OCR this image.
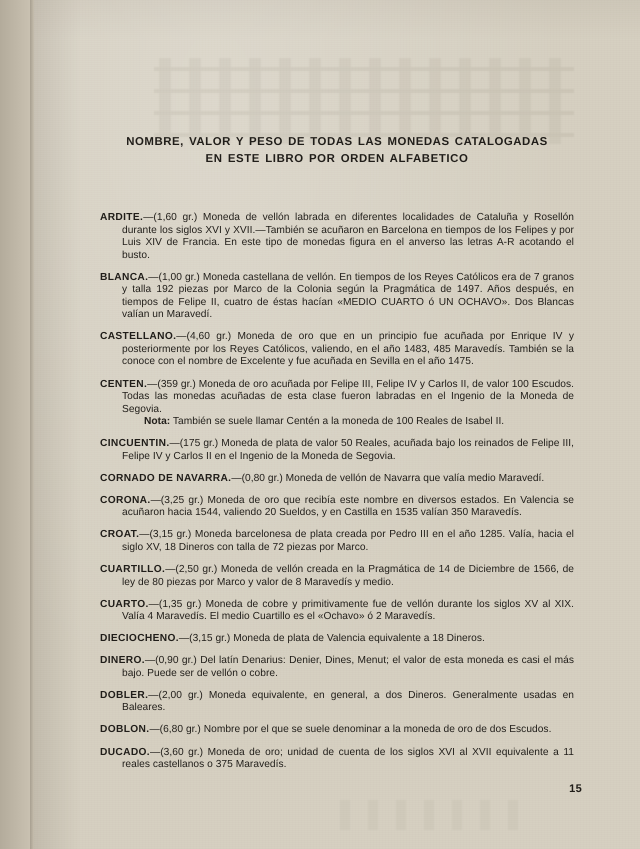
NOMBRE, VALOR Y PESO DE TODAS LAS MONEDAS CATALOGADAS
EN ESTE LIBRO POR ORDEN ALFABETICO

ARDITE.—(1,60 gr.) Moneda de vellón labrada en diferentes localidades de Cataluña y Rosellón durante los siglos XVI y XVII.—También se acuñaron en Barcelona en tiempos de los Felipes y por Luis XIV de Francia. En este tipo de monedas figura en el anverso las letras A-R acotando el busto.

BLANCA.—(1,00 gr.) Moneda castellana de vellón. En tiempos de los Reyes Católicos era de 7 granos y talla 192 piezas por Marco de la Colonia según la Pragmática de 1497. Años después, en tiempos de Felipe II, cuatro de éstas hacían «MEDIO CUARTO ó UN OCHAVO». Dos Blancas valían un Maravedí.

CASTELLANO.—(4,60 gr.) Moneda de oro que en un principio fue acuñada por Enrique IV y posteriormente por los Reyes Católicos, valiendo, en el año 1483, 485 Maravedís. También se la conoce con el nombre de Excelente y fue acuñada en Sevilla en el año 1475.

CENTEN.—(359 gr.) Moneda de oro acuñada por Felipe III, Felipe IV y Carlos II, de valor 100 Escudos. Todas las monedas acuñadas de esta clase fueron labradas en el Ingenio de la Moneda de Segovia.

Nota: También se suele llamar Centén a la moneda de 100 Reales de Isabel II.

CINCUENTIN.—(175 gr.) Moneda de plata de valor 50 Reales, acuñada bajo los reinados de Felipe III, Felipe IV y Carlos II en el Ingenio de la Moneda de Segovia.

CORNADO DE NAVARRA.—(0,80 gr.) Moneda de vellón de Navarra que valía medio Maravedí.

CORONA.—(3,25 gr.) Moneda de oro que recibía este nombre en diversos estados. En Valencia se acuñaron hacia 1544, valiendo 20 Sueldos, y en Castilla en 1535 valían 350 Maravedís.

CROAT.—(3,15 gr.) Moneda barcelonesa de plata creada por Pedro III en el año 1285. Valía, hacia el siglo XV, 18 Dineros con talla de 72 piezas por Marco.

CUARTILLO.—(2,50 gr.) Moneda de vellón creada en la Pragmática de 14 de Diciembre de 1566, de ley de 80 piezas por Marco y valor de 8 Maravedís y medio.

CUARTO.—(1,35 gr.) Moneda de cobre y primitivamente fue de vellón durante los siglos XV al XIX. Valía 4 Maravedís. El medio Cuartillo es el «Ochavo» ó 2 Maravedís.

DIECIOCHENO.—(3,15 gr.) Moneda de plata de Valencia equivalente a 18 Dineros.

DINERO.—(0,90 gr.) Del latín Denarius: Denier, Dines, Menut; el valor de esta moneda es casi el más bajo. Puede ser de vellón o cobre.

DOBLER.—(2,00 gr.) Moneda equivalente, en general, a dos Dineros. Generalmente usadas en Baleares.

DOBLON.—(6,80 gr.) Nombre por el que se suele denominar a la moneda de oro de dos Escudos.

DUCADO.—(3,60 gr.) Moneda de oro; unidad de cuenta de los siglos XVI al XVII equivalente a 11 reales castellanos o 375 Maravedís.

15
